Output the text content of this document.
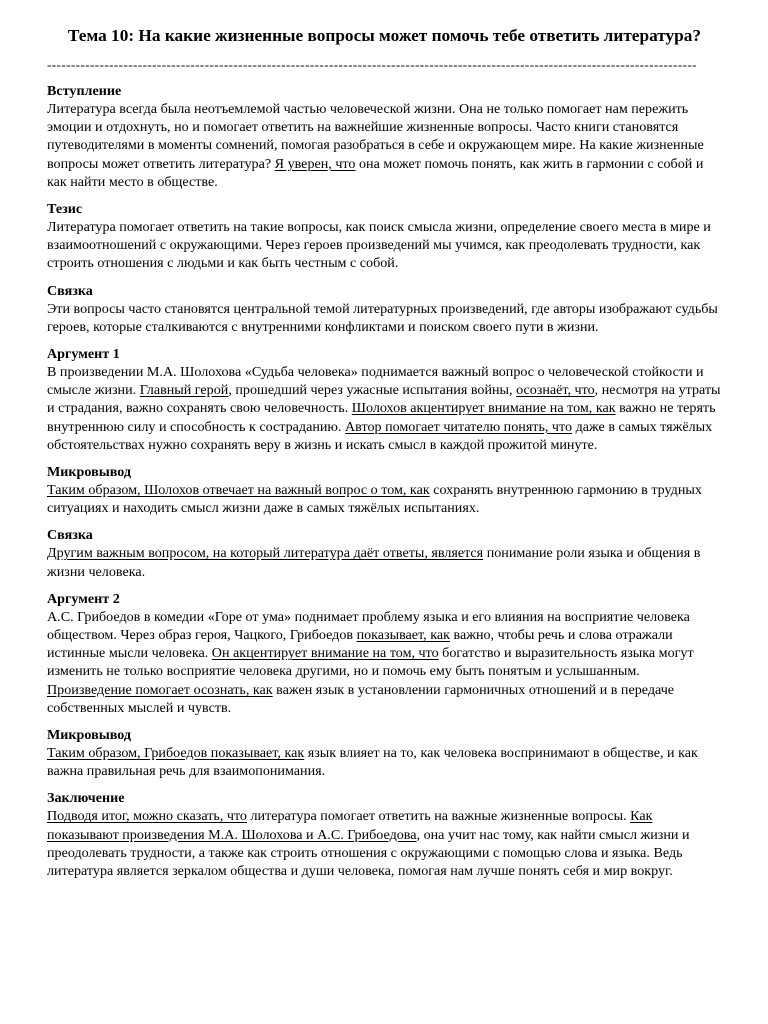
Тема 10: На какие жизненные вопросы может помочь тебе ответить литература?
----------------------------------------------------------------------------------------------------------------------------------------
Вступление

Литература всегда была неотъемлемой частью человеческой жизни. Она не только помогает нам пережить эмоции и отдохнуть, но и помогает ответить на важнейшие жизненные вопросы. Часто книги становятся путеводителями в моменты сомнений, помогая разобраться в себе и окружающем мире. На какие жизненные вопросы может ответить литература? Я уверен, что она может помочь понять, как жить в гармонии с собой и как найти место в обществе.

Тезис

Литература помогает ответить на такие вопросы, как поиск смысла жизни, определение своего места в мире и взаимоотношений с окружающими. Через героев произведений мы учимся, как преодолевать трудности, как строить отношения с людьми и как быть честным с собой.

Связка

Эти вопросы часто становятся центральной темой литературных произведений, где авторы изображают судьбы героев, которые сталкиваются с внутренними конфликтами и поиском своего пути в жизни.

Аргумент 1

В произведении М.А. Шолохова «Судьба человека» поднимается важный вопрос о человеческой стойкости и смысле жизни. Главный герой, прошедший через ужасные испытания войны, осознаёт, что, несмотря на утраты и страдания, важно сохранять свою человечность. Шолохов акцентирует внимание на том, как важно не терять внутреннюю силу и способность к состраданию. Автор помогает читателю понять, что даже в самых тяжёлых обстоятельствах нужно сохранять веру в жизнь и искать смысл в каждой прожитой минуте.

Микровывод

Таким образом, Шолохов отвечает на важный вопрос о том, как сохранять внутреннюю гармонию в трудных ситуациях и находить смысл жизни даже в самых тяжёлых испытаниях.

Связка

Другим важным вопросом, на который литература даёт ответы, является понимание роли языка и общения в жизни человека.

Аргумент 2

А.С. Грибоедов в комедии «Горе от ума» поднимает проблему языка и его влияния на восприятие человека обществом. Через образ героя, Чацкого, Грибоедов показывает, как важно, чтобы речь и слова отражали истинные мысли человека. Он акцентирует внимание на том, что богатство и выразительность языка могут изменить не только восприятие человека другими, но и помочь ему быть понятым и услышанным. Произведение помогает осознать, как важен язык в установлении гармоничных отношений и в передаче собственных мыслей и чувств.

Микровывод

Таким образом, Грибоедов показывает, как язык влияет на то, как человека воспринимают в обществе, и как важна правильная речь для взаимопонимания.

Заключение

Подводя итог, можно сказать, что литература помогает ответить на важные жизненные вопросы. Как показывают произведения М.А. Шолохова и А.С. Грибоедова, она учит нас тому, как найти смысл жизни и преодолевать трудности, а также как строить отношения с окружающими с помощью слова и языка. Ведь литература является зеркалом общества и души человека, помогая нам лучше понять себя и мир вокруг.
